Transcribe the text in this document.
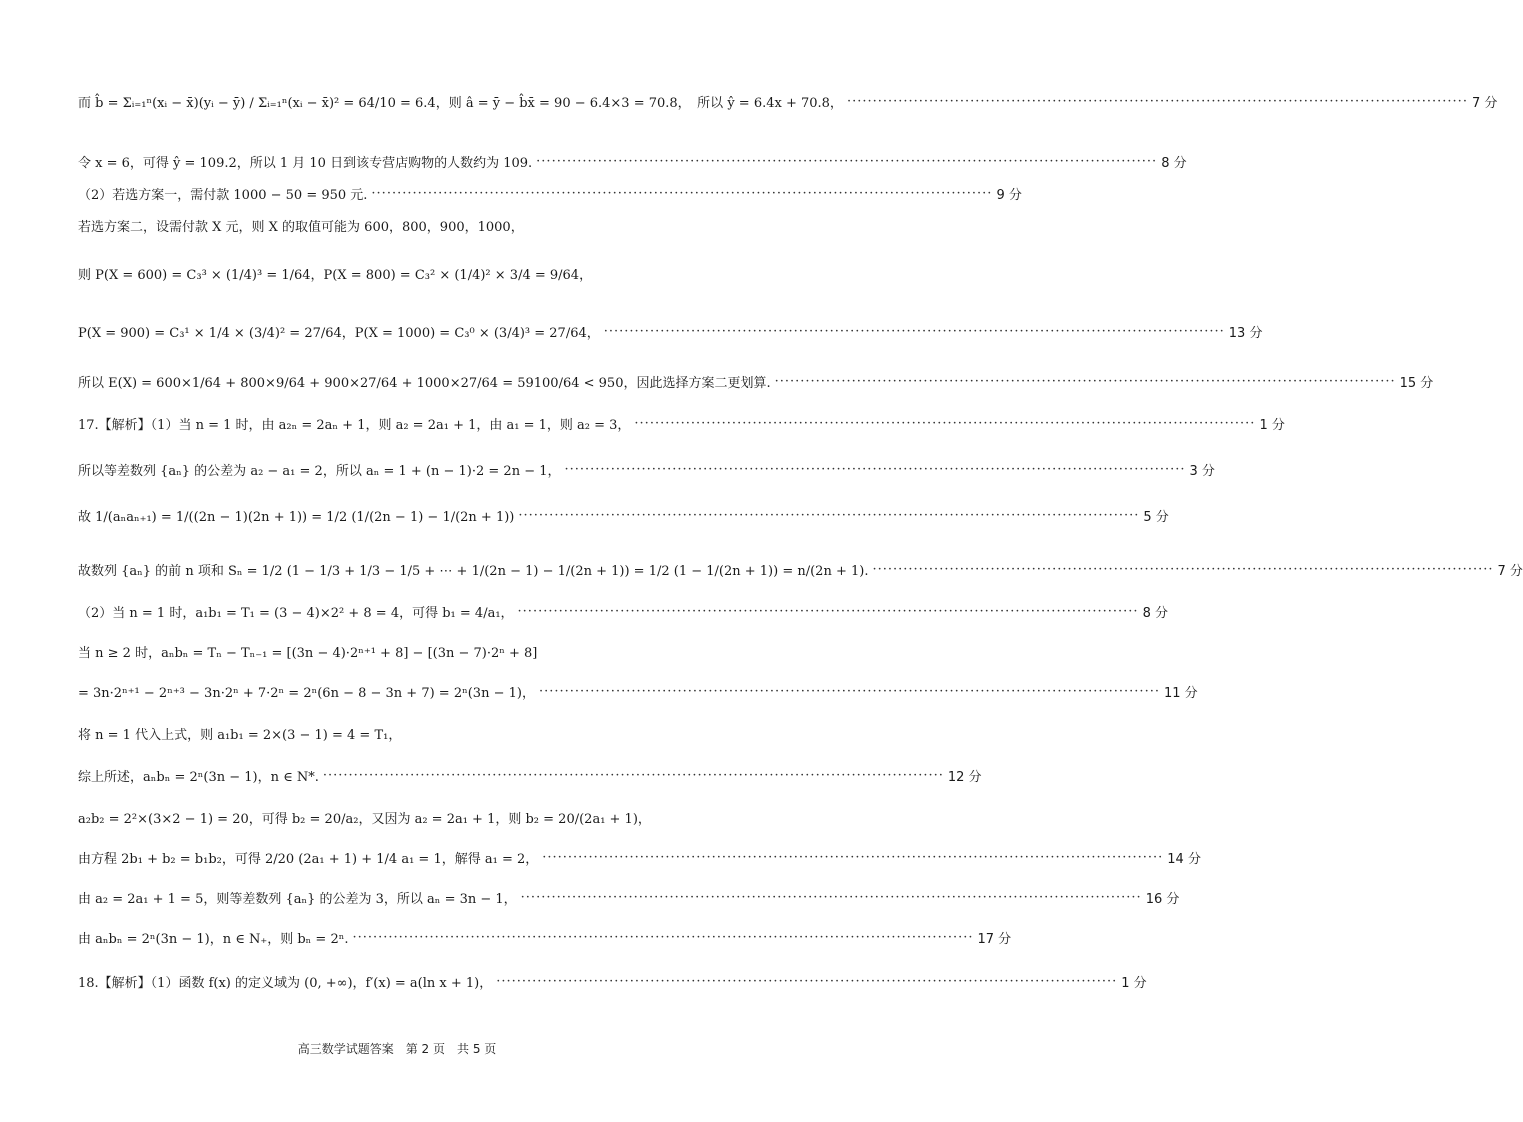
而 b̂ = Σᵢ₌₁ⁿ(xᵢ − x̄)(yᵢ − ȳ) / Σᵢ₌₁ⁿ(xᵢ − x̄)² = 64/10 = 6.4，则 â = ȳ − b̂x̄ = 90 − 6.4×3 = 70.8，　所以 ŷ = 6.4x + 70.8， ·····	7 分
令 x = 6，可得 ŷ = 109.2，所以 1 月 10 日到该专营店购物的人数约为 109. ·····	8 分
（2）若选方案一，需付款 1000 − 50 = 950 元. ·····	9 分
若选方案二，设需付款 X 元，则 X 的取值可能为 600，800，900，1000，
则 P(X = 600) = C₃³ × (1/4)³ = 1/64，P(X = 800) = C₃² × (1/4)² × 3/4 = 9/64，
P(X = 900) = C₃¹ × 1/4 × (3/4)² = 27/64，P(X = 1000) = C₃⁰ × (3/4)³ = 27/64， ·····	13 分
所以 E(X) = 600×1/64 + 800×9/64 + 900×27/64 + 1000×27/64 = 59100/64 < 950，因此选择方案二更划算. ·····	15 分
17.【解析】（1）当 n = 1 时，由 a₂ₙ = 2aₙ + 1，则 a₂ = 2a₁ + 1，由 a₁ = 1，则 a₂ = 3， ·····	1 分
所以等差数列 {aₙ} 的公差为 a₂ − a₁ = 2，所以 aₙ = 1 + (n − 1)·2 = 2n − 1， ·····	3 分
故 1/(aₙaₙ₊₁) = 1/((2n − 1)(2n + 1)) = 1/2 (1/(2n − 1) − 1/(2n + 1)) ·····	5 分
故数列 {aₙ} 的前 n 项和 Sₙ = 1/2 (1 − 1/3 + 1/3 − 1/5 + ⋯ + 1/(2n − 1) − 1/(2n + 1)) = 1/2 (1 − 1/(2n + 1)) = n/(2n + 1). ·····	7 分
（2）当 n = 1 时，a₁b₁ = T₁ = (3 − 4)×2² + 8 = 4，可得 b₁ = 4/a₁， ·····	8 分
当 n ≥ 2 时，aₙbₙ = Tₙ − Tₙ₋₁ = [(3n − 4)·2ⁿ⁺¹ + 8] − [(3n − 7)·2ⁿ + 8]
= 3n·2ⁿ⁺¹ − 2ⁿ⁺³ − 3n·2ⁿ + 7·2ⁿ = 2ⁿ(6n − 8 − 3n + 7) = 2ⁿ(3n − 1)， ·····	11 分
将 n = 1 代入上式，则 a₁b₁ = 2×(3 − 1) = 4 = T₁，
综上所述，aₙbₙ = 2ⁿ(3n − 1)，n ∈ N*. ·····	12 分
a₂b₂ = 2²×(3×2 − 1) = 20，可得 b₂ = 20/a₂，又因为 a₂ = 2a₁ + 1，则 b₂ = 20/(2a₁ + 1)，
由方程 2b₁ + b₂ = b₁b₂，可得 2/20 (2a₁ + 1) + 1/4 a₁ = 1，解得 a₁ = 2， ·····	14 分
由 a₂ = 2a₁ + 1 = 5，则等差数列 {aₙ} 的公差为 3，所以 aₙ = 3n − 1， ·····	16 分
由 aₙbₙ = 2ⁿ(3n − 1)，n ∈ N₊，则 bₙ = 2ⁿ. ·····	17 分
18.【解析】（1）函数 f(x) 的定义域为 (0, +∞)，f′(x) = a(ln x + 1)， ·····	1 分
高三数学试题答案　第 2 页　共 5 页
